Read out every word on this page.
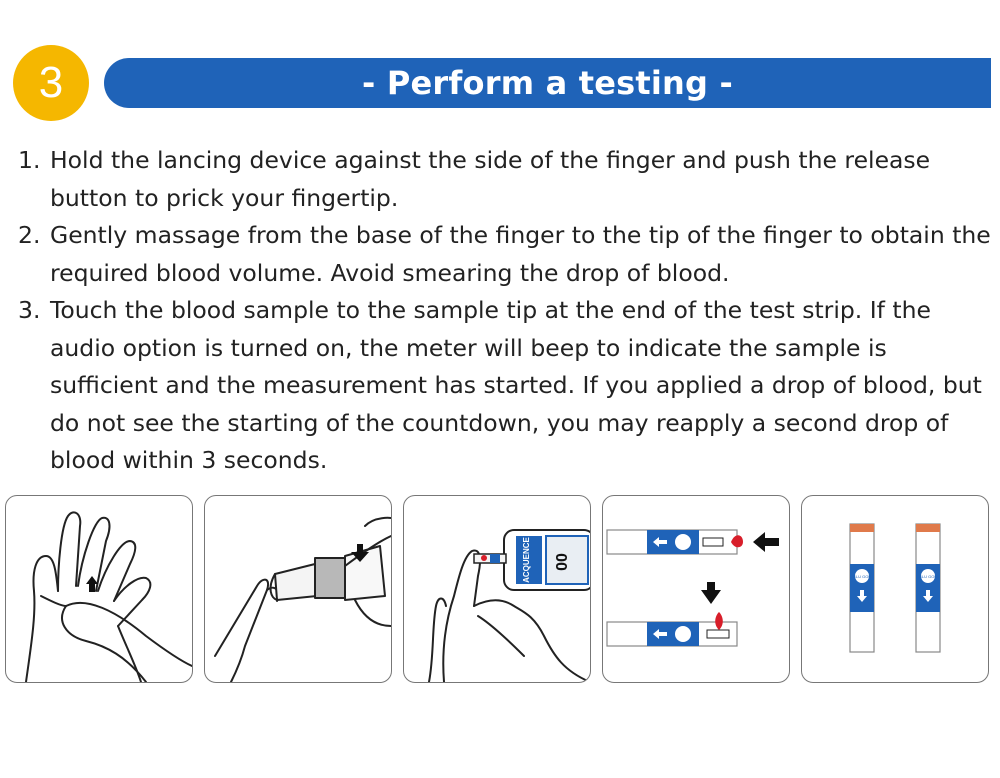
3	- Perform a testing -
1. Hold the lancing device against the side of the finger and push the release button to prick your fingertip.
2. Gently massage from the base of the finger to the tip of the finger to obtain the required blood volume. Avoid smearing the drop of blood.
3. Touch the blood sample to the sample tip at the end of the test strip. If the audio option is turned on, the meter will beep to indicate the sample is sufficient and the measurement has started. If you applied a drop of blood, but do not see the starting of the countdown, you may reapply a second drop of blood within 3 seconds.
ACQUENCE 00
GLU GOD	GLU GOD
